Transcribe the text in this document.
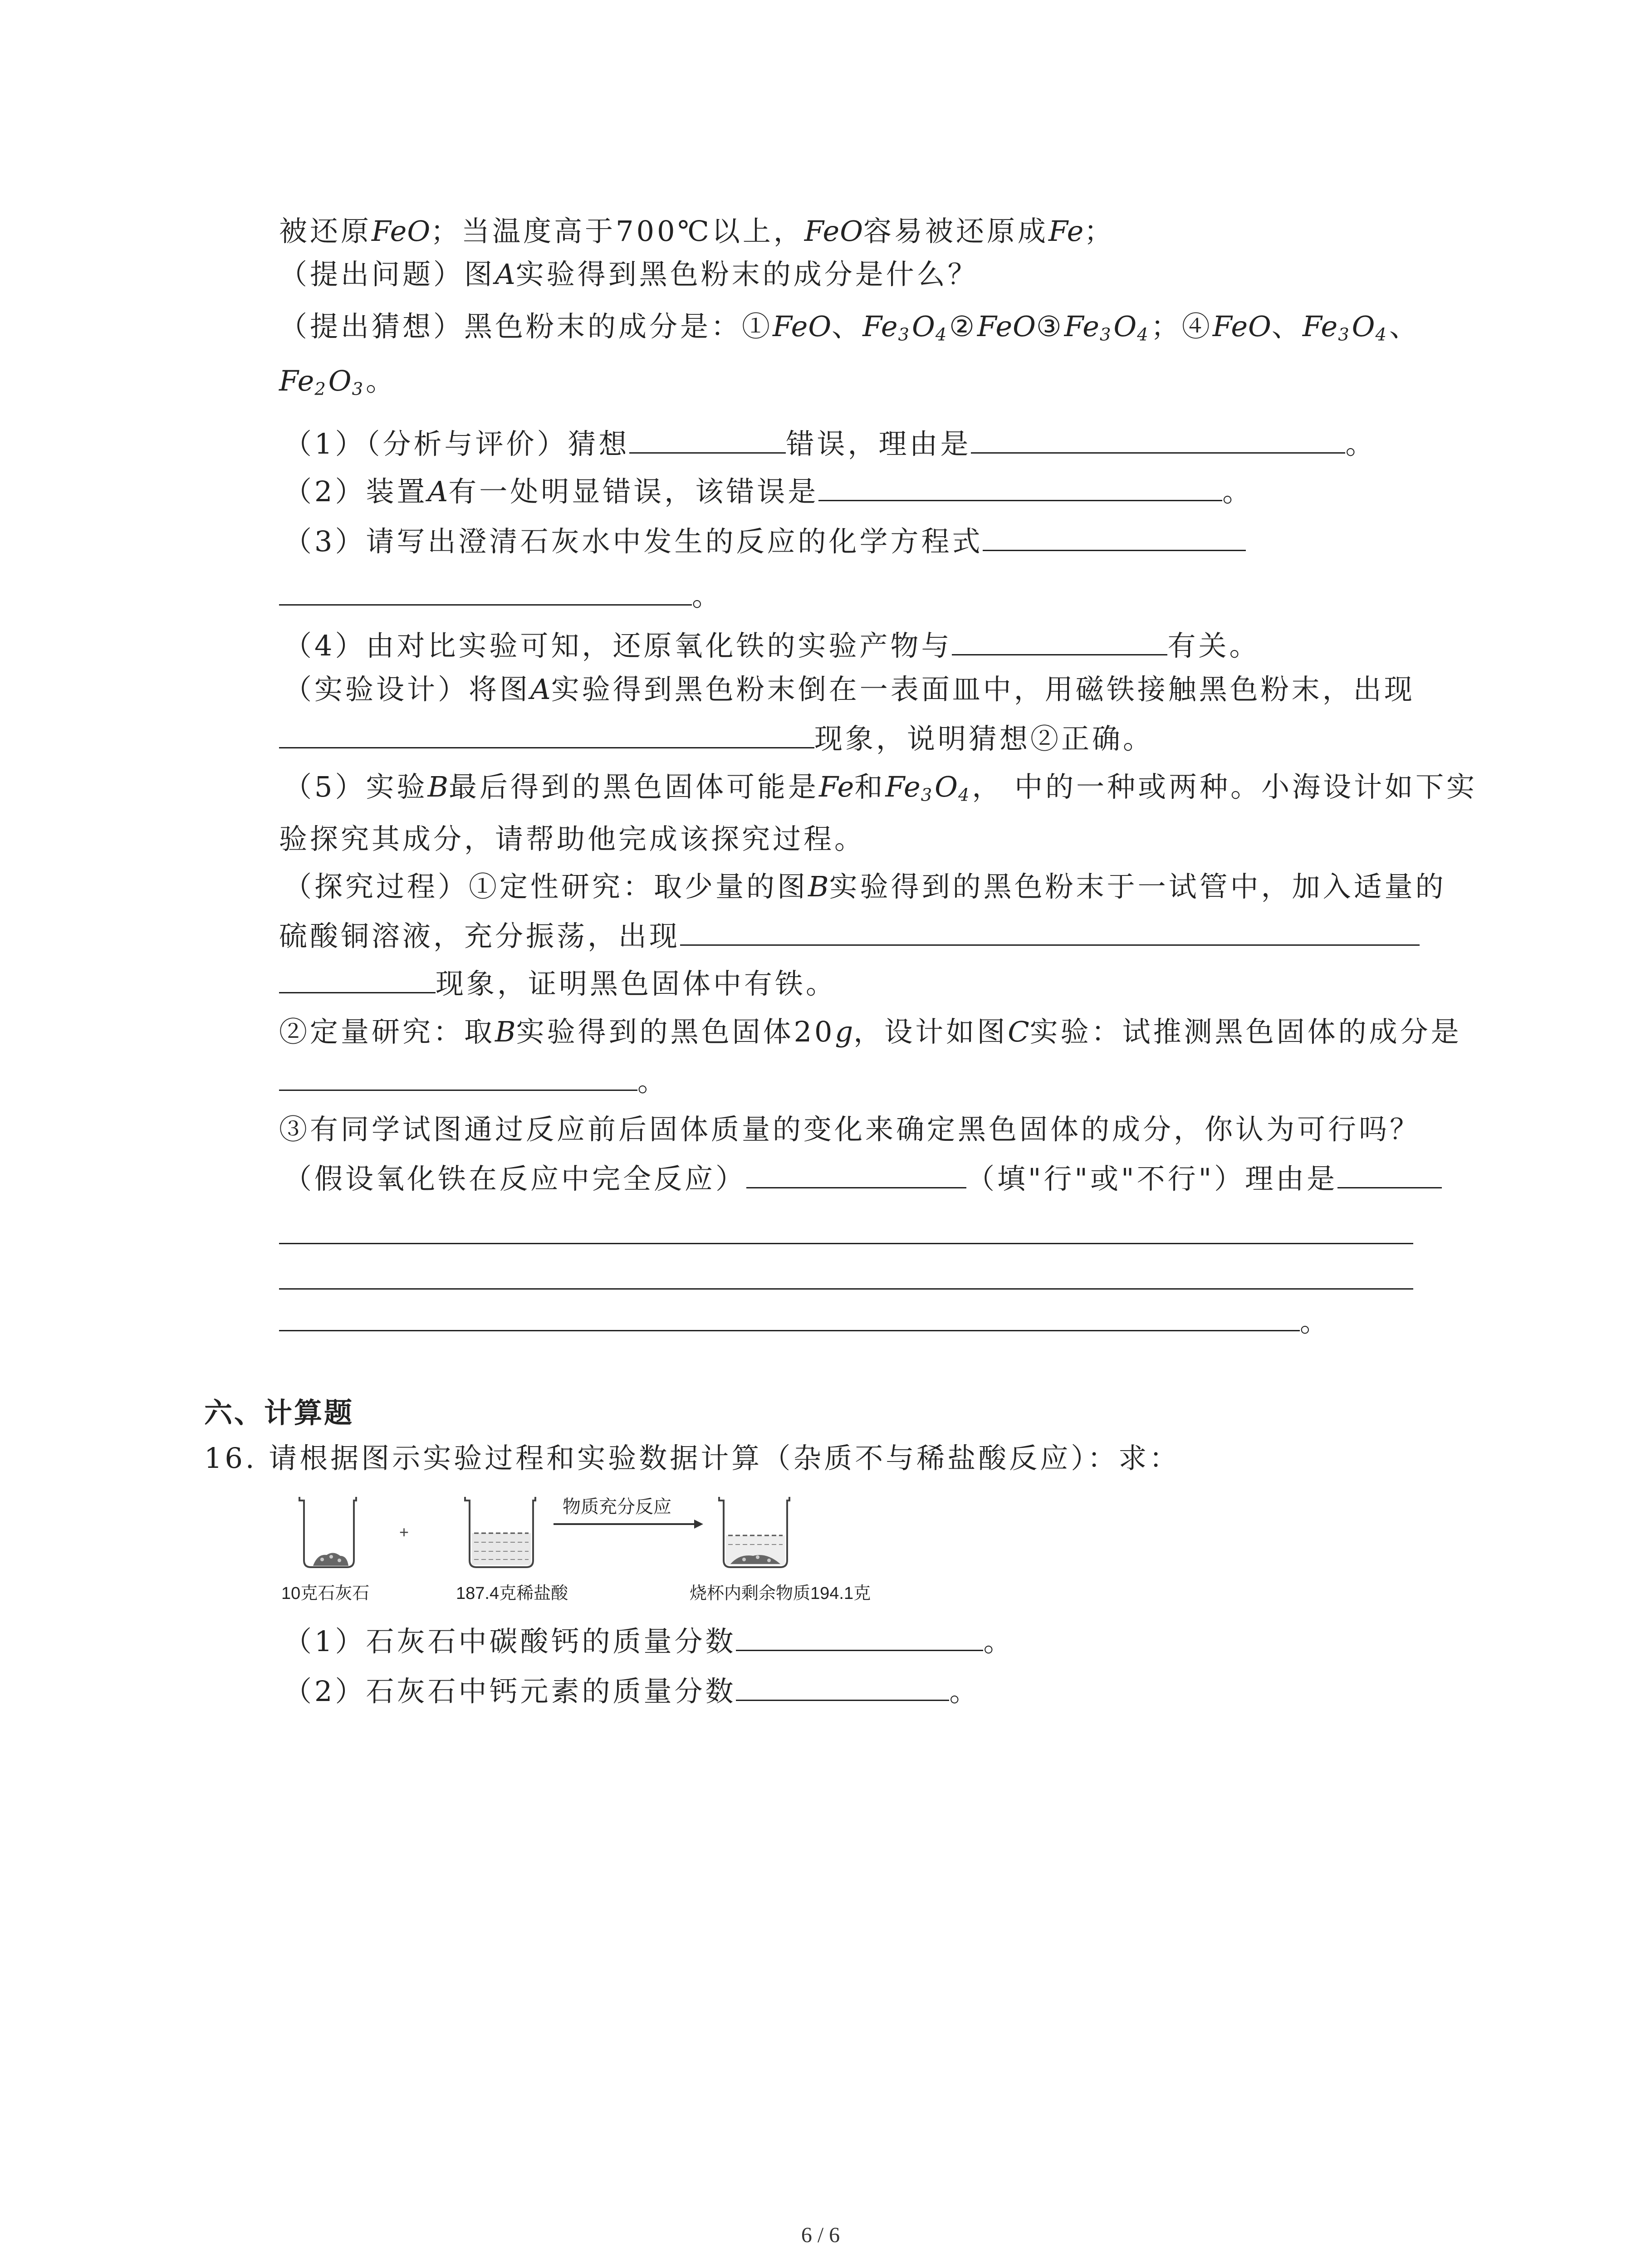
被还原FeO；当温度高于700℃以上，FeO容易被还原成Fe；

（提出问题）图A实验得到黑色粉末的成分是什么？

（提出猜想）黑色粉末的成分是：①FeO、$Fe_3O_4②FeO③Fe_3O_4$；④FeO、$Fe_3O_4$、

$Fe_2O_3$。

（1）（分析与评价）猜想	错误，理由是	。

（2）装置A有一处明显错误，该错误是	。

（3）请写出澄清石灰水中发生的反应的化学方程式

。

（4）由对比实验可知，还原氧化铁的实验产物与	有关。

（实验设计）将图A实验得到黑色粉末倒在一表面皿中，用磁铁接触黑色粉末，出现

现象，说明猜想②正确。

（5）实验B最后得到的黑色固体可能是Fe和$Fe_3O_4$， 中的一种或两种。小海设计如下实

验探究其成分，请帮助他完成该探究过程。

（探究过程）①定性研究：取少量的图B实验得到的黑色粉末于一试管中，加入适量的

硫酸铜溶液，充分振荡，出现

现象，证明黑色固体中有铁。

②定量研究：取B实验得到的黑色固体20g，设计如图C实验：试推测黑色固体的成分是

。

③有同学试图通过反应前后固体质量的变化来确定黑色固体的成分，你认为可行吗？

（假设氧化铁在反应中完全反应）	（填"行"或"不行"）理由是

。

六、计算题

16. 请根据图示实验过程和实验数据计算（杂质不与稀盐酸反应）：求：

+
物质充分反应
10克石灰石	187.4克稀盐酸	烧杯内剩余物质194.1克

（1）石灰石中碳酸钙的质量分数	。

（2）石灰石中钙元素的质量分数	。

6 / 6
